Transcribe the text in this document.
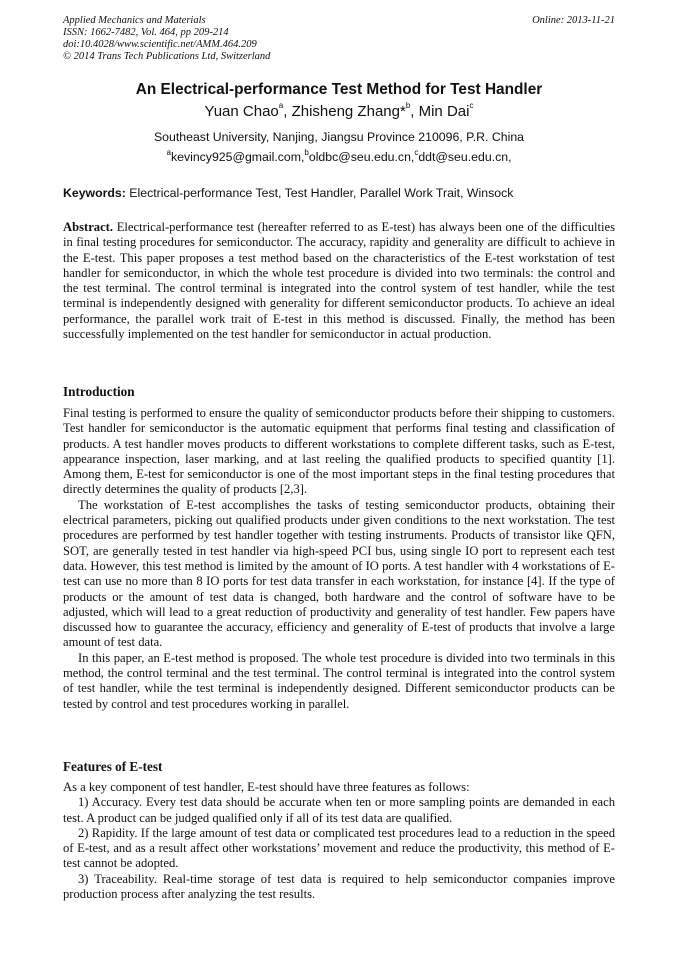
Applied Mechanics and Materials
ISSN: 1662-7482, Vol. 464, pp 209-214
doi:10.4028/www.scientific.net/AMM.464.209
© 2014 Trans Tech Publications Ltd, Switzerland
Online: 2013-11-21
An Electrical-performance Test Method for Test Handler
Yuan Chao$^a$, Zhisheng Zhang*$^b$, Min Dai$^c$
Southeast University, Nanjing, Jiangsu Province 210096, P.R. China
$^a$kevincy925@gmail.com,$^b$oldbc@seu.edu.cn,$^c$ddt@seu.edu.cn,
Keywords: Electrical-performance Test, Test Handler, Parallel Work Trait, Winsock

Abstract. Electrical-performance test (hereafter referred to as E-test) has always been one of the difficulties in final testing procedures for semiconductor. The accuracy, rapidity and generality are difficult to achieve in the E-test. This paper proposes a test method based on the characteristics of the E-test workstation of test handler for semiconductor, in which the whole test procedure is divided into two terminals: the control and the test terminal. The control terminal is integrated into the control system of test handler, while the test terminal is independently designed with generality for different semiconductor products. To achieve an ideal performance, the parallel work trait of E-test in this method is discussed. Finally, the method has been successfully implemented on the test handler for semiconductor in actual production.

Introduction

Final testing is performed to ensure the quality of semiconductor products before their shipping to customers. Test handler for semiconductor is the automatic equipment that performs final testing and classification of products. A test handler moves products to different workstations to complete different tasks, such as E-test, appearance inspection, laser marking, and at last reeling the qualified products to specified quantity [1]. Among them, E-test for semiconductor is one of the most important steps in the final testing procedures that directly determines the quality of products [2,3].

The workstation of E-test accomplishes the tasks of testing semiconductor products, obtaining their electrical parameters, picking out qualified products under given conditions to the next workstation. The test procedures are performed by test handler together with testing instruments. Products of transistor like QFN, SOT, are generally tested in test handler via high-speed PCI bus, using single IO port to represent each test data. However, this test method is limited by the amount of IO ports. A test handler with 4 workstations of E-test can use no more than 8 IO ports for test data transfer in each workstation, for instance [4]. If the type of products or the amount of test data is changed, both hardware and the control of software have to be adjusted, which will lead to a great reduction of productivity and generality of test handler. Few papers have discussed how to guarantee the accuracy, efficiency and generality of E-test of products that involve a large amount of test data.

In this paper, an E-test method is proposed. The whole test procedure is divided into two terminals in this method, the control terminal and the test terminal. The control terminal is integrated into the control system of test handler, while the test terminal is independently designed. Different semiconductor products can be tested by control and test procedures working in parallel.

Features of E-test

As a key component of test handler, E-test should have three features as follows:

1) Accuracy. Every test data should be accurate when ten or more sampling points are demanded in each test. A product can be judged qualified only if all of its test data are qualified.

2) Rapidity. If the large amount of test data or complicated test procedures lead to a reduction in the speed of E-test, and as a result affect other workstations’ movement and reduce the productivity, this method of E-test cannot be adopted.

3) Traceability. Real-time storage of test data is required to help semiconductor companies improve production process after analyzing the test results.
